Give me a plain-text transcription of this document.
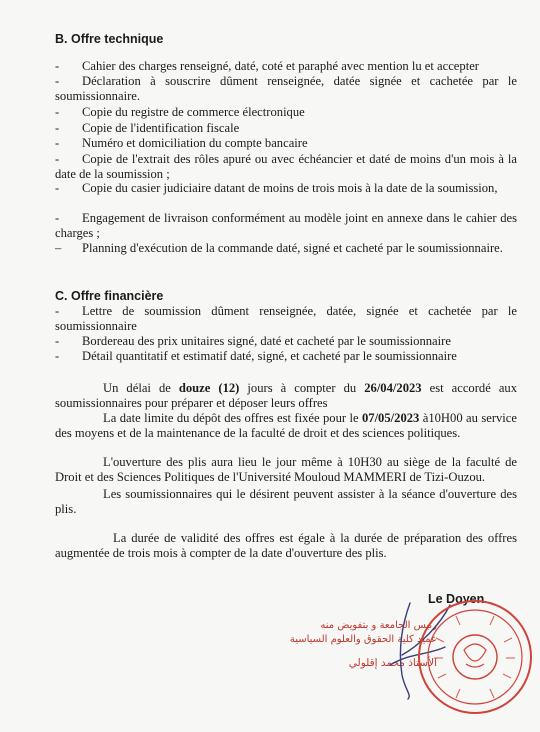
B. Offre technique
-	Cahier des charges renseigné, daté, coté et paraphé avec mention lu et accepter
-	Déclaration à souscrire dûment renseignée, datée signée et cachetée par le soumissionnaire.
-	Copie du registre de commerce électronique
-	Copie de l'identification fiscale
-	Numéro et domiciliation du compte bancaire
-	Copie de l'extrait des rôles apuré ou avec échéancier et daté de moins d'un mois à la date de la soumission ;
-	Copie du casier judiciaire datant de moins de trois mois à la date de la soumission,
-	Engagement de livraison conformément au modèle joint en annexe dans le cahier des charges ;
–	Planning d'exécution de la commande daté, signé et cacheté par le soumissionnaire.
C. Offre financière
-	Lettre de soumission dûment renseignée, datée, signée et cachetée par le soumissionnaire
-	Bordereau des prix unitaires signé, daté et cacheté par le soumissionnaire
-	Détail quantitatif et estimatif daté, signé, et cacheté par le soumissionnaire
Un délai de douze (12) jours à compter du 26/04/2023 est accordé aux soumissionnaires pour préparer et déposer leurs offres
La date limite du dépôt des offres est fixée pour le 07/05/2023 à10H00 au service des moyens et de la maintenance de la faculté de droit et des sciences politiques.
L'ouverture des plis aura lieu le jour même à 10H30 au siège de la faculté de Droit et des Sciences Politiques de l'Université Mouloud MAMMERI de Tizi-Ouzou.
Les soumissionnaires qui le désirent peuvent assister à la séance d'ouverture des plis.
La durée de validité des offres est égale à la durée de préparation des offres augmentée de trois mois à compter de la date d'ouverture des plis.
Le Doyen
رئيس الجامعة و بتفويض منه
عميد كلية الحقوق والعلوم السياسية
الأستاذ محمد إقلولي
